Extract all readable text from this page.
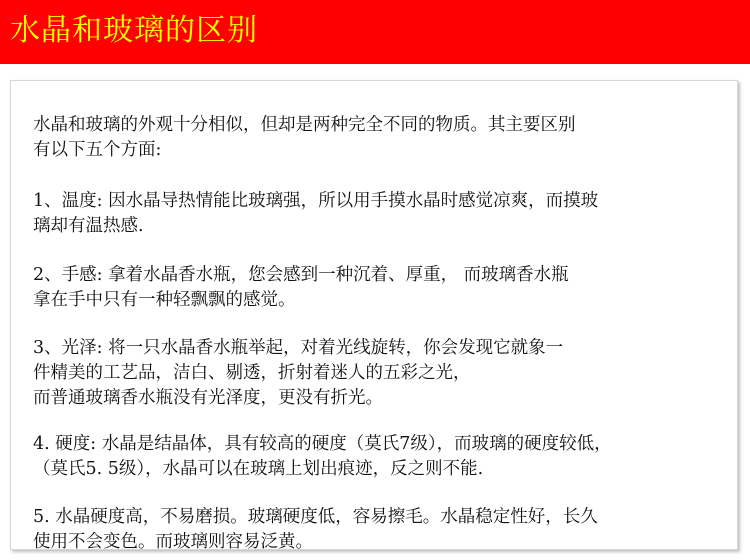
水晶和玻璃的区别

水晶和玻璃的外观十分相似，但却是两种完全不同的物质。其主要区别
有以下五个方面:

1、温度: 因水晶导热情能比玻璃强，所以用手摸水晶时感觉凉爽，而摸玻
璃却有温热感.

2、手感: 拿着水晶香水瓶，您会感到一种沉着、厚重， 而玻璃香水瓶
拿在手中只有一种轻飘飘的感觉。

3、光泽: 将一只水晶香水瓶举起，对着光线旋转，你会发现它就象一
件精美的工艺品，洁白、剔透，折射着迷人的五彩之光，
而普通玻璃香水瓶没有光泽度，更没有折光。

4. 硬度: 水晶是结晶体，具有较高的硬度（莫氏7级），而玻璃的硬度较低，
（莫氏5. 5级），水晶可以在玻璃上划出痕迹，反之则不能.

5. 水晶硬度高，不易磨损。玻璃硬度低，容易擦毛。水晶稳定性好，长久
使用不会变色。而玻璃则容易泛黄。
